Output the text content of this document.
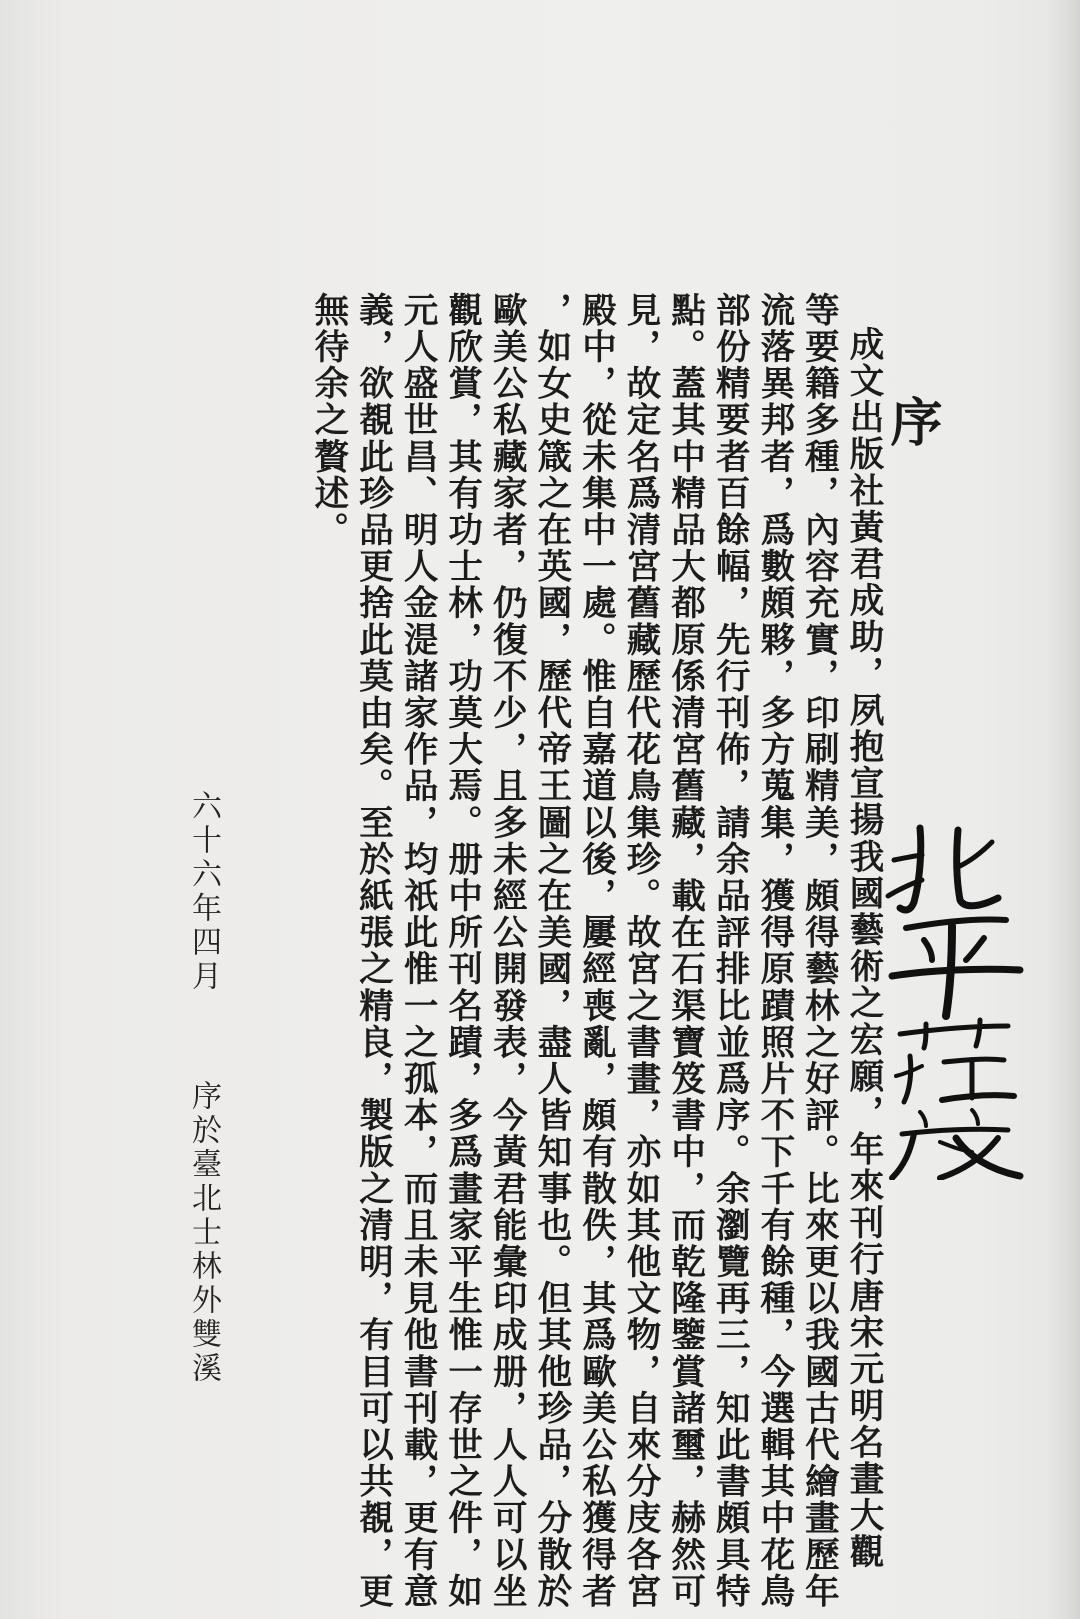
序
成文出版社黃君成助，夙抱宣揚我國藝術之宏願，年來刊行唐宋元明名畫大觀
等要籍多種，內容充實，印刷精美，頗得藝林之好評。比來更以我國古代繪畫歷年
流落異邦者，爲數頗夥，多方蒐集，獲得原蹟照片不下千有餘種，今選輯其中花鳥
部份精要者百餘幅，先行刊佈，請余品評排比並爲序。余瀏覽再三，知此書頗具特
點。蓋其中精品大都原係清宮舊藏，載在石渠寶笈書中，而乾隆鑒賞諸璽，赫然可
見，故定名爲清宮舊藏歷代花鳥集珍。故宮之書畫，亦如其他文物，自來分庋各宮
殿中，從未集中一處。惟自嘉道以後，屢經喪亂，頗有散佚，其爲歐美公私獲得者
，如女史箴之在英國，歷代帝王圖之在美國，盡人皆知事也。但其他珍品，分散於
歐美公私藏家者，仍復不少，且多未經公開發表，今黃君能彙印成册，人人可以坐
觀欣賞，其有功士林，功莫大焉。册中所刊名蹟，多爲畫家平生惟一存世之件，如
元人盛世昌、明人金湜諸家作品，均祇此惟一之孤本，而且未見他書刊載，更有意
義，欲覩此珍品更捨此莫由矣。至於紙張之精良，製版之清明，有目可以共覩，更
無待余之贅述。
六十六年四月
序於臺北士林外雙溪
